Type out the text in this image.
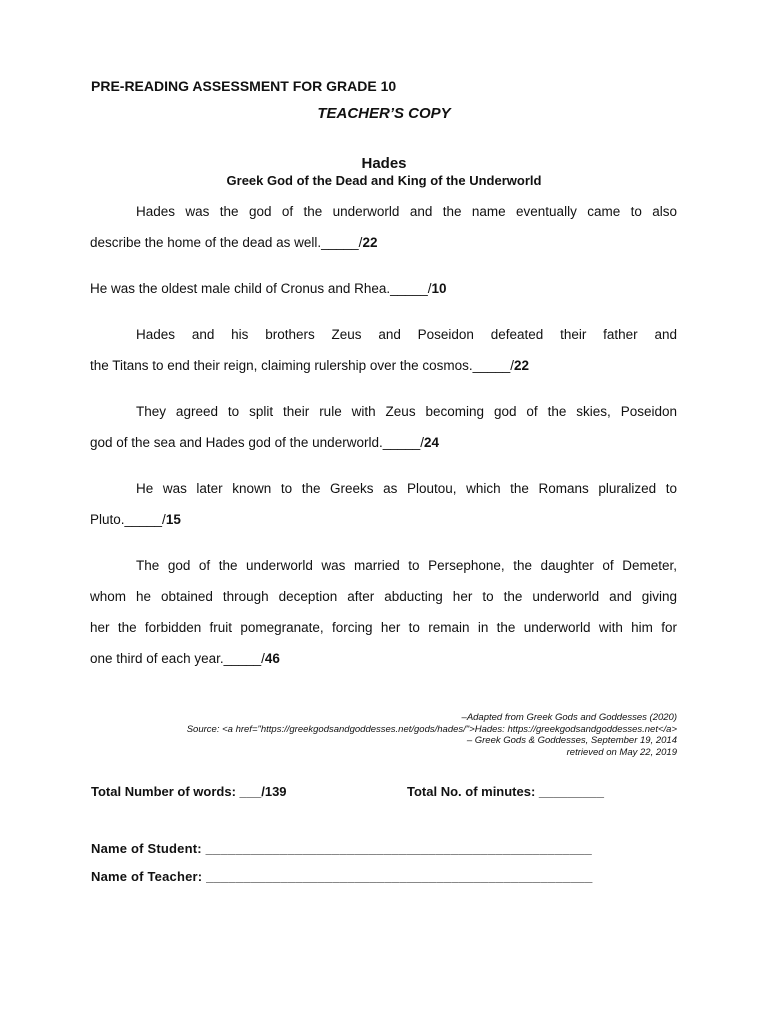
PRE-READING ASSESSMENT FOR GRADE 10
TEACHER’S COPY
Hades
Greek God of the Dead and King of the Underworld
Hades was the god of the underworld and the name eventually came to also
describe the home of the dead as well._____/22
He was the oldest male child of Cronus and Rhea._____/10
Hades and his brothers Zeus and Poseidon defeated their father and
the Titans to end their reign, claiming rulership over the cosmos._____/22
They agreed to split their rule with Zeus becoming god of the skies, Poseidon
god of the sea and Hades god of the underworld._____/24
He was later known to the Greeks as Ploutou, which the Romans pluralized to
Pluto._____/15
The god of the underworld was married to Persephone, the daughter of Demeter,
whom he obtained through deception after abducting her to the underworld and giving
her the forbidden fruit pomegranate, forcing her to remain in the underworld with him for
one third of each year._____/46
–Adapted from Greek Gods and Goddesses (2020)
Source: <a href="https://greekgodsandgoddesses.net/gods/hades/">Hades: https://greekgodsandgoddesses.net</a>
– Greek Gods & Goddesses, September 19, 2014
retrieved on May 22, 2019
Total Number of words: ___/139	Total No. of minutes: _________
Name of Student: ____________________________________________________
Name of Teacher: ____________________________________________________
